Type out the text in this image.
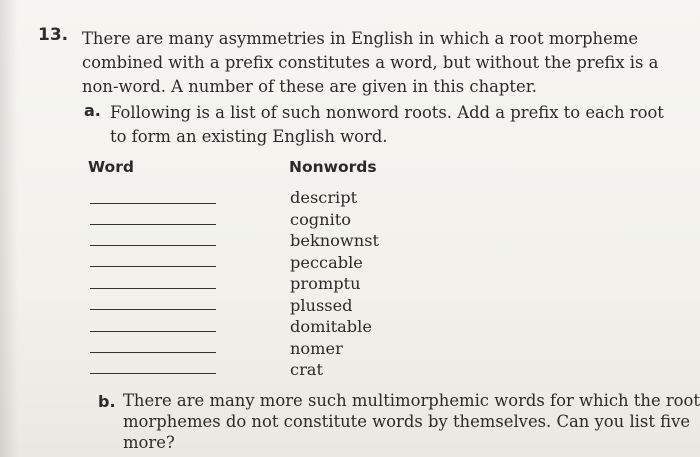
13. There are many asymmetries in English in which a root morpheme
combined with a prefix constitutes a word, but without the prefix is a
non-word. A number of these are given in this chapter.
a. Following is a list of such nonword roots. Add a prefix to each root
to form an existing English word.
Word	Nonwords
descript
cognito
beknownst
peccable
promptu
plussed
domitable
nomer
crat
b. There are many more such multimorphemic words for which the root
morphemes do not constitute words by themselves. Can you list five
more?
